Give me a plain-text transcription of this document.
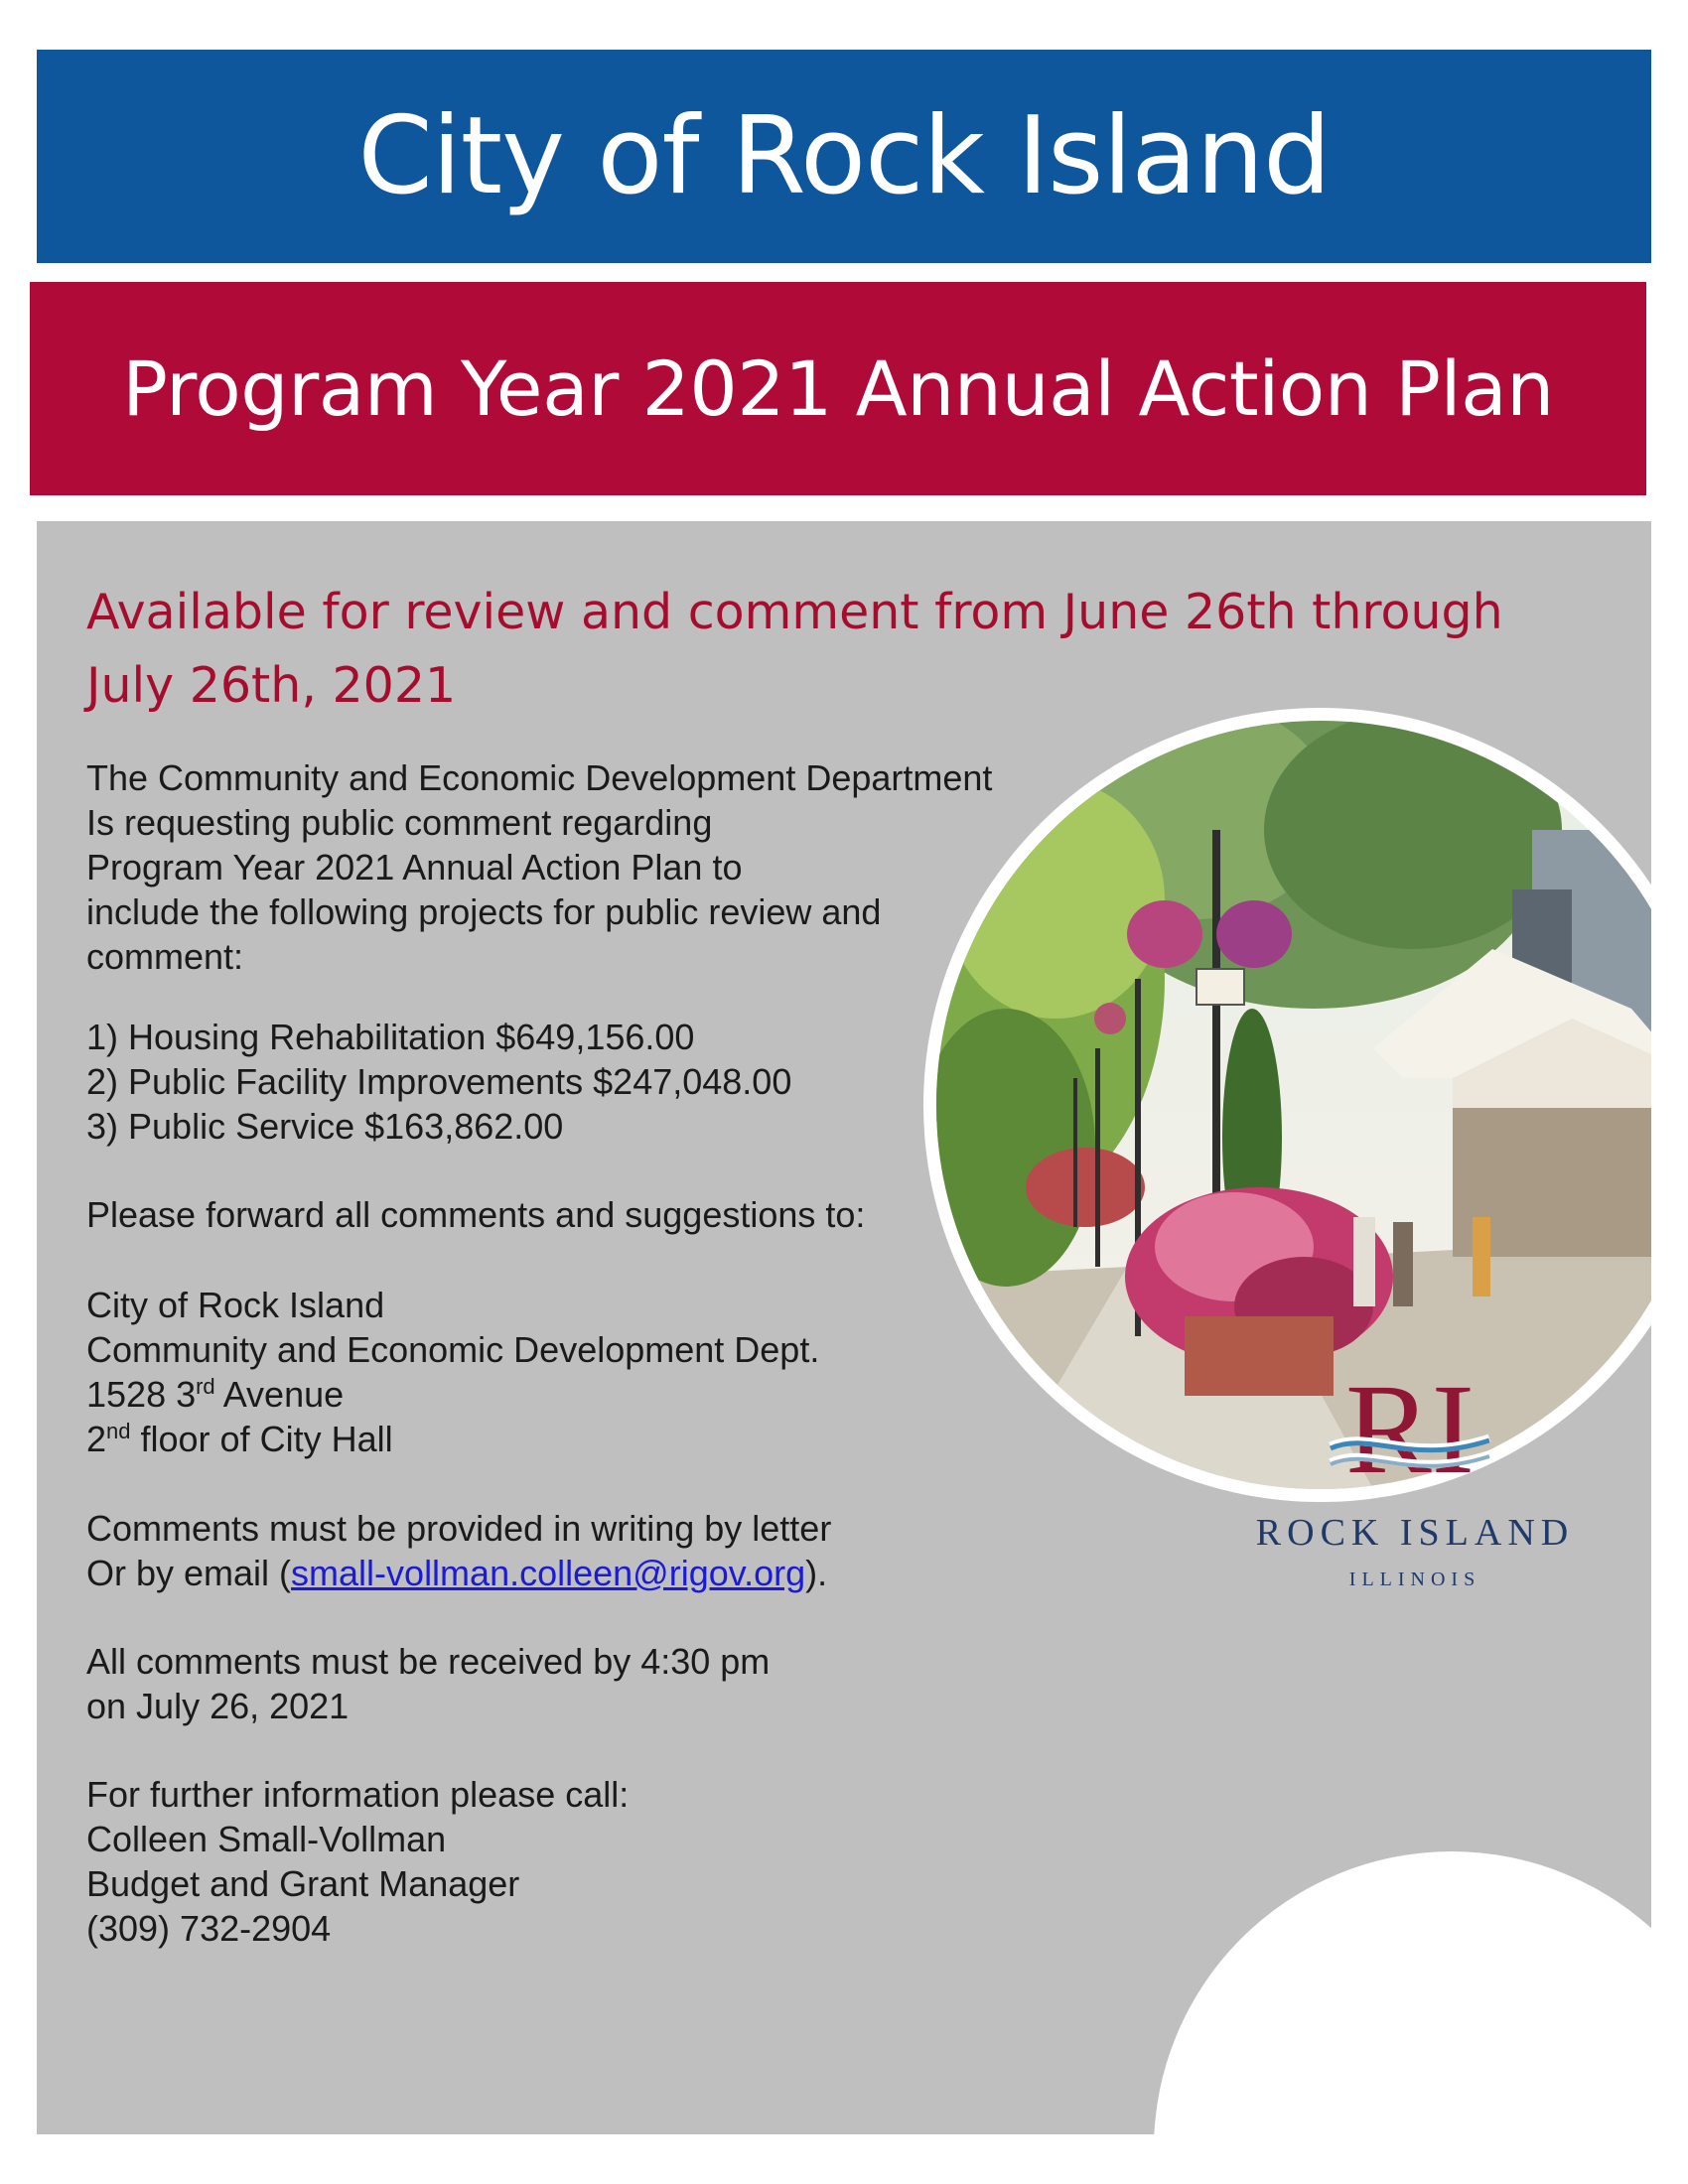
City of Rock Island
Program Year 2021 Annual Action Plan
Available for review and comment from June 26th through July 26th, 2021
The Community and Economic Development Department
Is requesting public comment regarding
Program Year 2021 Annual Action Plan to
include the following projects for public review and
comment:
1) Housing Rehabilitation $649,156.00
2) Public Facility Improvements $247,048.00
3) Public Service $163,862.00
Please forward all comments and suggestions to:
City of Rock Island
Community and Economic Development Dept.
1528 3rd Avenue
2nd floor of City Hall
Comments must be provided in writing by letter
Or by email (small-vollman.colleen@rigov.org).
All comments must be received by 4:30 pm
on July 26, 2021
For further information please call:
Colleen Small-Vollman
Budget and Grant Manager
(309) 732-2904
RI
ROCK ISLAND
ILLINOIS
